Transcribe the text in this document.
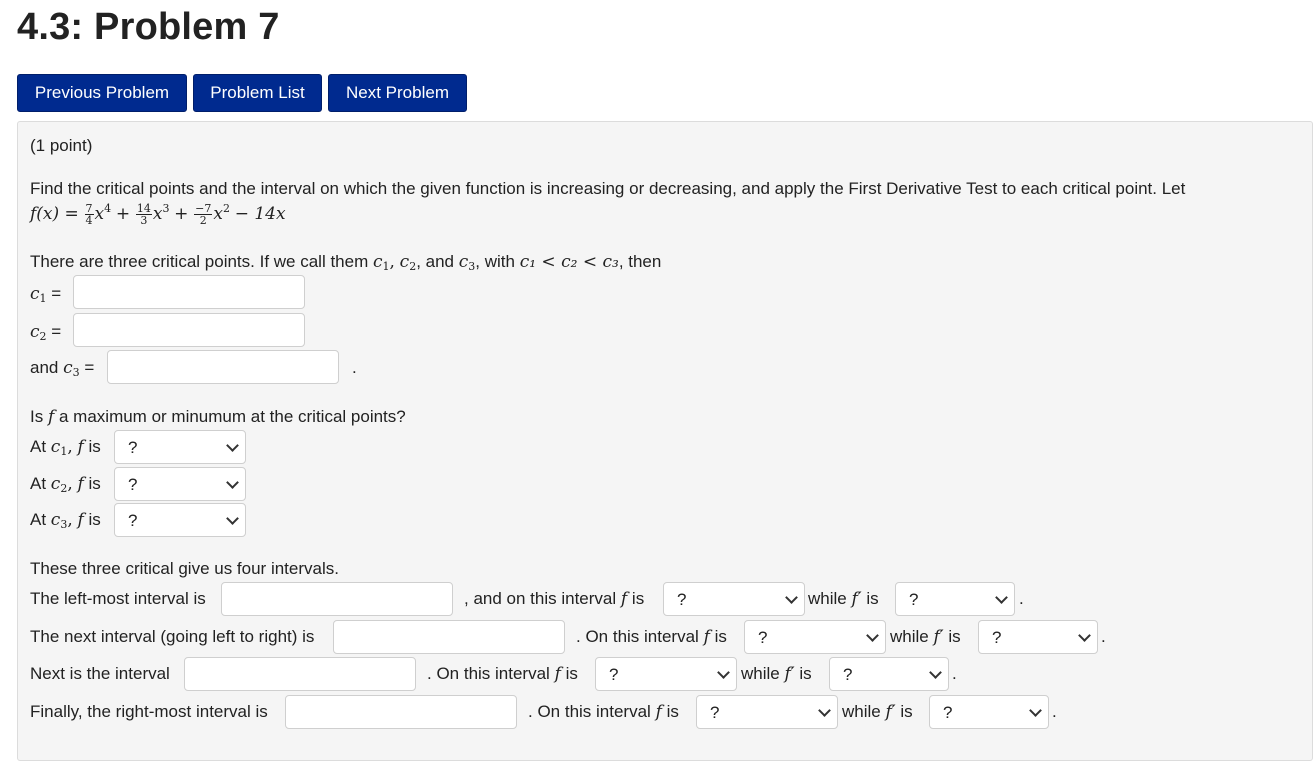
4.3: Problem 7
Previous Problem	Problem List	Next Problem
(1 point)
Find the critical points and the interval on which the given function is increasing or decreasing, and apply the First Derivative Test to each critical point. Let
$f(x) = \frac{7}{4} x^4 + \frac{14}{3} x^3 + \frac{-7}{2} x^2 - 14x$
There are three critical points. If we call them $c_1$, $c_2$, and $c_3$, with c₁ < c₂ < c₃, then
$c_1$ =
$c_2$ =
and $c_3$ =	.
Is f a maximum or minumum at the critical points?
At $c_1$, f is ?
At $c_2$, f is ?
At $c_3$, f is ?
These three critical give us four intervals.
The left-most interval is	, and on this interval f is ?	while f′ is ?	.
The next interval (going left to right) is	. On this interval f is ?	while f′ is ?	.
Next is the interval	. On this interval f is ?	while f′ is ?	.
Finally, the right-most interval is	. On this interval f is ?	while f′ is ?	.
